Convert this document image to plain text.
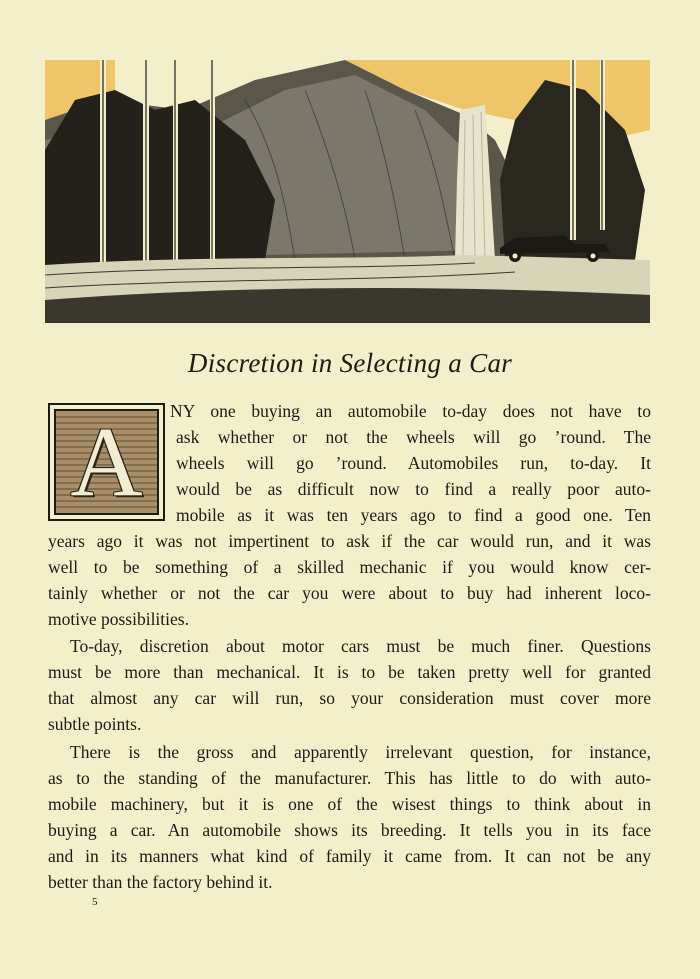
Discretion in Selecting a Car
A	NY one buying an automobile to-day does not have to
ask whether or not the wheels will go ’round. The
wheels will go ’round. Automobiles run, to-day. It
would be as difficult now to find a really poor auto-
mobile as it was ten years ago to find a good one. Ten
years ago it was not impertinent to ask if the car would run, and it was
well to be something of a skilled mechanic if you would know cer-
tainly whether or not the car you were about to buy had inherent loco-
motive possibilities.
To-day, discretion about motor cars must be much finer. Questions
must be more than mechanical. It is to be taken pretty well for granted
that almost any car will run, so your consideration must cover more
subtle points.
There is the gross and apparently irrelevant question, for instance,
as to the standing of the manufacturer. This has little to do with auto-
mobile machinery, but it is one of the wisest things to think about in
buying a car. An automobile shows its breeding. It tells you in its face
and in its manners what kind of family it came from. It can not be any
better than the factory behind it.
5
